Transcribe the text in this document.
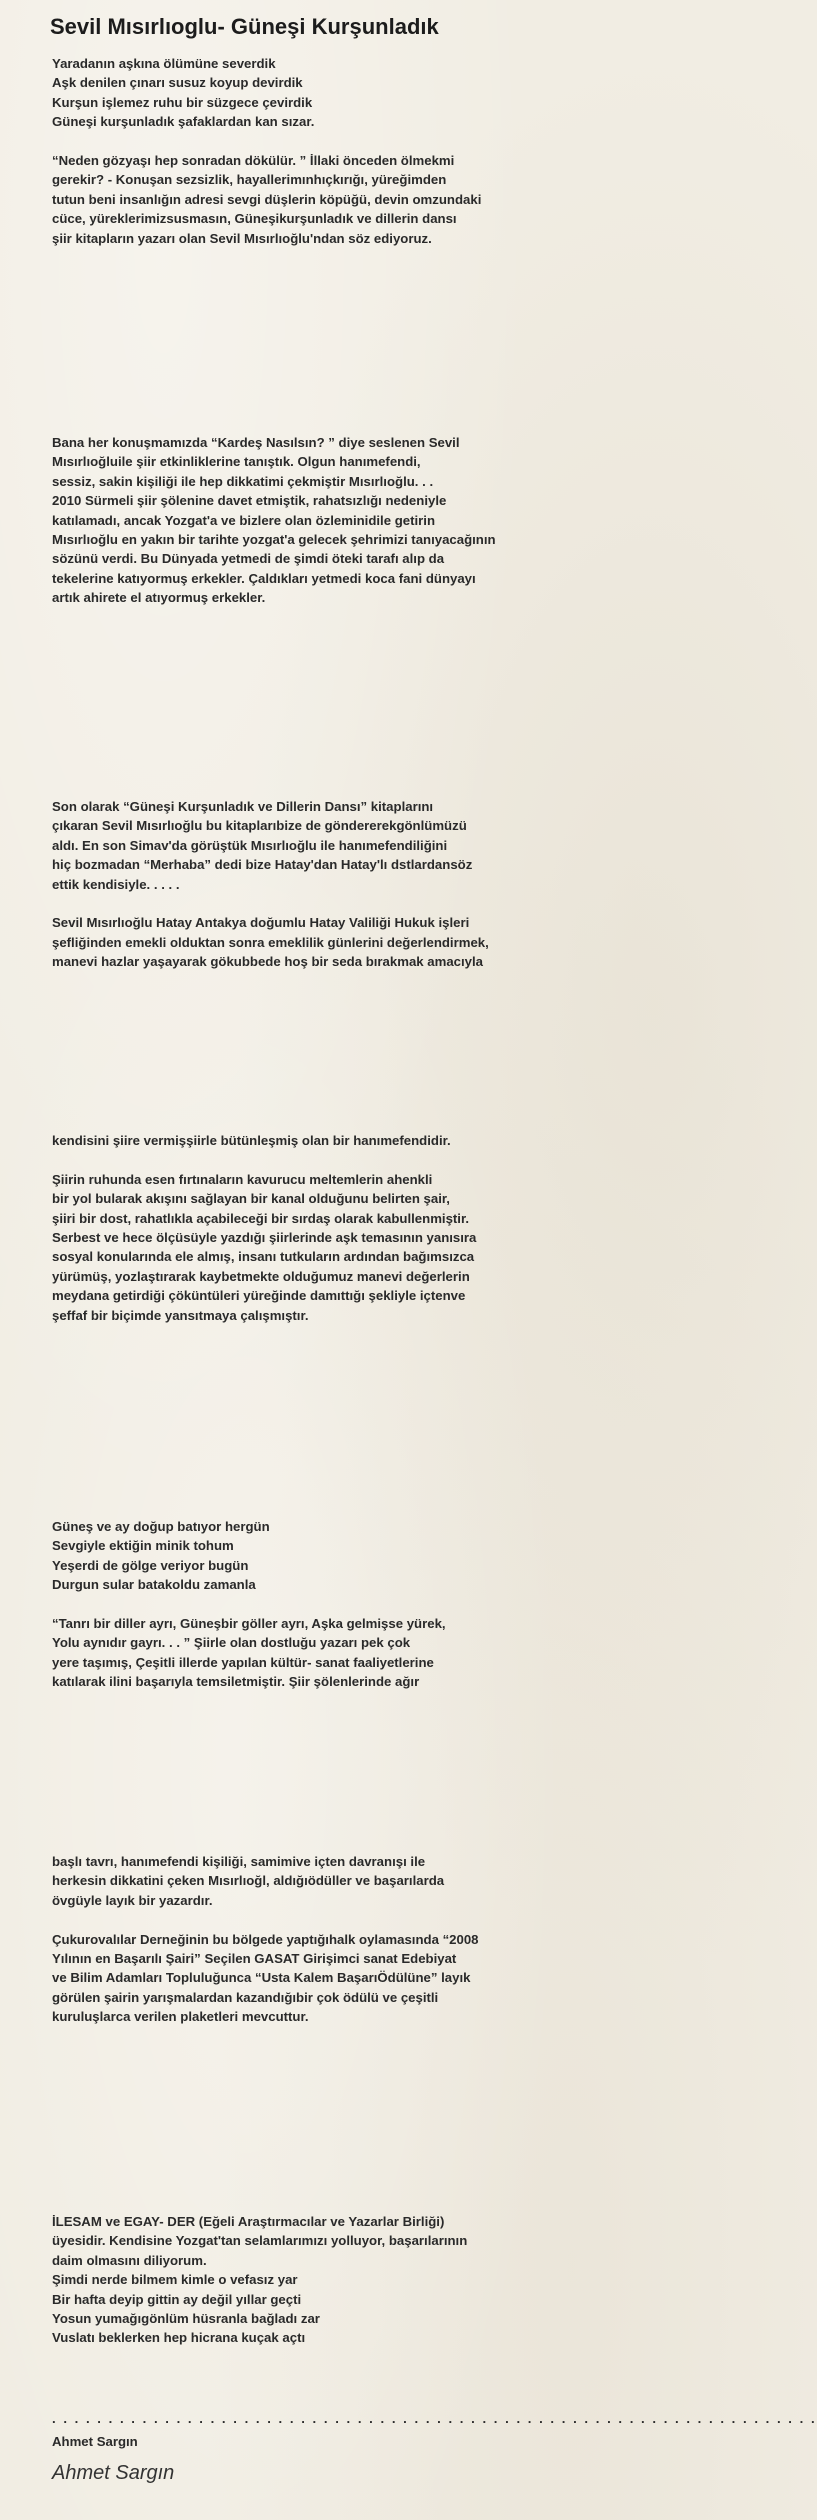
Sevil Mısırlıoglu- Güneşi Kurşunladık
Yaradanın aşkına ölümüne severdik
Aşk denilen çınarı susuz koyup devirdik
Kurşun işlemez ruhu bir süzgece çevirdik
Güneşi kurşunladık şafaklardan kan sızar.
“Neden gözyaşı hep sonradan dökülür. ” İllaki önceden ölmekmi
gerekir? - Konuşan sezsizlik, hayallerimınhıçkırığı, yüreğimden
tutun beni insanlığın adresi sevgi düşlerin köpüğü, devin omzundaki
cüce, yüreklerimizsusmasın, Güneşikurşunladık ve dillerin dansı
şiir kitapların yazarı olan Sevil Mısırlıoğlu'ndan söz ediyoruz.
Bana her konuşmamızda “Kardeş Nasılsın? ” diye seslenen Sevil
Mısırlıoğluile şiir etkinliklerine tanıştık. Olgun hanımefendi,
sessiz, sakin kişiliği ile hep dikkatimi çekmiştir Mısırlıoğlu. . .
2010 Sürmeli şiir şölenine davet etmiştik, rahatsızlığı nedeniyle
katılamadı, ancak Yozgat'a ve bizlere olan özleminidile getirin
Mısırlıoğlu en yakın bir tarihte yozgat'a gelecek şehrimizi tanıyacağının
sözünü verdi. Bu Dünyada yetmedi de şimdi öteki tarafı alıp da
tekelerine katıyormuş erkekler. Çaldıkları yetmedi koca fani dünyayı
artık ahirete el atıyormuş erkekler.
Son olarak “Güneşi Kurşunladık ve Dillerin Dansı” kitaplarını
çıkaran Sevil Mısırlıoğlu bu kitaplarıbize de göndererekgönlümüzü
aldı. En son Simav'da görüştük Mısırlıoğlu ile hanımefendiliğini
hiç bozmadan “Merhaba” dedi bize Hatay'dan Hatay'lı dstlardansöz
ettik kendisiyle. . . . .
Sevil Mısırlıoğlu Hatay Antakya doğumlu Hatay Valiliği Hukuk işleri
şefliğinden emekli olduktan sonra emeklilik günlerini değerlendirmek,
manevi hazlar yaşayarak gökubbede hoş bir seda bırakmak amacıyla
kendisini şiire vermişşiirle bütünleşmiş olan bir hanımefendidir.
Şiirin ruhunda esen fırtınaların kavurucu meltemlerin ahenkli
bir yol bularak akışını sağlayan bir kanal olduğunu belirten şair,
şiiri bir dost, rahatlıkla açabileceği bir sırdaş olarak kabullenmiştir.
Serbest ve hece ölçüsüyle yazdığı şiirlerinde aşk temasının yanısıra
sosyal konularında ele almış, insanı tutkuların ardından bağımsızca
yürümüş, yozlaştırarak kaybetmekte olduğumuz manevi değerlerin
meydana getirdiği çöküntüleri yüreğinde damıttığı şekliyle içtenve
şeffaf bir biçimde yansıtmaya çalışmıştır.
Güneş ve ay doğup batıyor hergün
Sevgiyle ektiğin minik tohum
Yeşerdi de gölge veriyor bugün
Durgun sular batakoldu zamanla
“Tanrı bir diller ayrı, Güneşbir göller ayrı, Aşka gelmişse yürek,
Yolu aynıdır gayrı. . . ” Şiirle olan dostluğu yazarı pek çok
yere taşımış, Çeşitli illerde yapılan kültür- sanat faaliyetlerine
katılarak ilini başarıyla temsiletmiştir. Şiir şölenlerinde ağır
başlı tavrı, hanımefendi kişiliği, samimive içten davranışı ile
herkesin dikkatini çeken Mısırlıoğl, aldığıödüller ve başarılarda
övgüyle layık bir yazardır.
Çukurovalılar Derneğinin bu bölgede yaptığıhalk oylamasında “2008
Yılının en Başarılı Şairi” Seçilen GASAT Girişimci sanat Edebiyat
ve Bilim Adamları Topluluğunca “Usta Kalem BaşarıÖdülüne” layık
görülen şairin yarışmalardan kazandığıbir çok ödülü ve çeşitli
kuruluşlarca verilen plaketleri mevcuttur.
İLESAM ve EGAY- DER (Eğeli Araştırmacılar ve Yazarlar Birliği)
üyesidir. Kendisine Yozgat'tan selamlarımızı yolluyor, başarılarının
daim olmasını diliyorum.
Şimdi nerde bilmem kimle o vefasız yar
Bir hafta deyip gittin ay değil yıllar geçti
Yosun yumağıgönlüm hüsranla bağladı zar
Vuslatı beklerken hep hicrana kuçak açtı
. . . . . . . . . . . . . . . . . . . . . . . . . . . . . . . . . . . . . . . . . . . . . . . . . . . . . . . . . . . . . . . . . . . .
Ahmet Sargın
Ahmet Sargın
